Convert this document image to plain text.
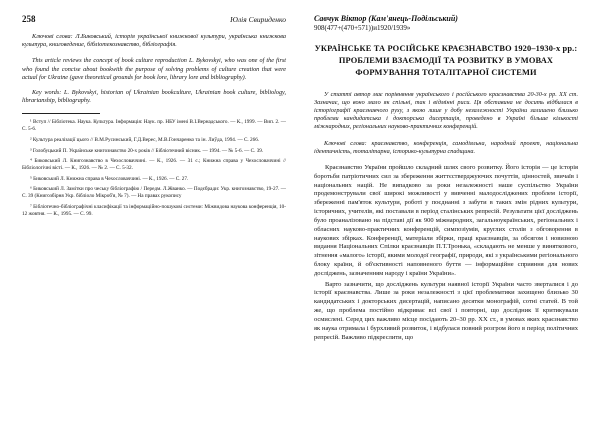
258	Юлія Свириденко
Ключові слова: Л.Биковський, історія української книжкової культури, українська книжкова культура, книговедение, бібліотекознавство, бібліографія.
This article reviews the concept of book culture reproduction L. Bykovskyi, who was one of the first who found the concise about bookwith the purpose of solving problems of culture creation that were actual for Ukraine (gave theoretical grounds for book lore, library lore and bibliography).
Key words: L. Bykovskyi, historian of Ukrainian bookculture, Ukrainian book culture, bibliology, librarianship, bibliography.
¹ Вступ // Бібліотека. Наука. Культура. Інформація: Наук. пр. НБУ імені В.І.Вернадського. — К., 1999. — Вип. 2. — С. 5-6.
² Культура реалізації цього // В.М.Русинський, Г.Д.Верес, М.В.Гончаренко та ін. Лиўда, 1994. — С. 266.
³ Голобуцький П. Українське книгознавство 20-х років // Бібліотечний вісник. — 1994. — № 5-6. — С. 39.
⁴ Биковський Л. Книгознавство в Чехословаччині. — К., 1926. — 31 с.; Книжна справа у Чехословаччині // Бібліологічні вісті. — К., 1926. — № 2. — С. 5-32.
⁵ Биковський Л. Книжна справа в Чехословаччині. — К., 1926. — С. 27.
⁶ Биковський Л. Замітки про чеську бібліографію / Передм. Л.Жванко. — Подєбради: Укр. книгознавство, 19-27. — С. 39 (Книгозбірня Укр. бібліоло Мікроб'я, № 7). — На правах рукопису
⁷ Бібліотечно-бібліографічні класифікації та інформаційно-пошукові системи: Міжвидова наукова конференція, 10-12 жовтня. — К., 1995. — С. 99.
Савчук Віктор (Кам'янець-Подільський)
908(477+(470+571))и1920/1939»
УКРАЇНСЬКЕ ТА РОСІЙСЬКЕ КРАЄЗНАВСТВО 1920–1930-х рр.: ПРОБЛЕМИ ВЗАЄМОДІЇ ТА РОЗВИТКУ В УМОВАХ ФОРМУВАННЯ ТОТАЛІТАРНОЇ СИСТЕМИ
У статті автор має порівняння українського і російського краєзнавства 20-30-х рр. ХХ ст. Зазначає, що воно мало як спільні, так і відмінні риси. Ця обставина не досить відбилася в історіографії краєзнавчого руху, з якою лише у добу незалежності України залишено близько проблеми кандидатська і докторська дисертація, проведено в Україні більше кількості міжнародних, регіональних науково-практичних конференцій.
Ключові слова: краєзнавство, конференція, самодіяльна, народний проект, національна ідентичність, тоталітарна, історико-культурна спадщина.
Краєзнавство України пройшло складний шлях свого розвитку. Його історія — це історія боротьби патріотичних сил за збереження життєстверджуючих почуттів, цінностей, звичаїв і національних націй. Не випадково за роки незалежності наше суспільство України продемонстрували свої широкі можливості у вивченні малодосліджених проблем історії, збереженні пам'яток культури, роботі у поєднанні з забути в таких змін рідних культури, історичних, учителів, які поставали в період сталінських репресій. Результати цієї досліджень було проаналізовано на підставі дії як 900 міжнародних, загальноукраїнських, регіональних і обласних науково-практичних конференцій, симпозіумів, круглих столів з обговорення в наукових збірках. Конференції, матеріали збірки, праці краєзнавців, за обсягом і новизною видання Національних Спілки краєзнавців П.Т.Тронька, «складають не менше у виняткового, зітнення «малого» історії, якими молодої географії, природи, які з українськими регіонального блоку країни, й об'єктивності наповненого буття — інформаційне сприяння для нових досліджень, зазначенням народу і країни України».
Варто зазначити, що досліджень культури наявної історії України часто зверталися і до історії краєзнавства. Лише за роки незалежності з цієї проблематики захищено близько 30 кандидатських і докторських дисертацій, написано десятки монографій, сотні статей. В той же, що проблема постійно відкриває всі свої і повторні, що дослідник її критикували осмислені. Серед цих важливо місце посідають 20–30 рр. ХХ ст., в умовах яких краєзнавство як наука отримала і бурхливий розвиток, і відбулася повний розгром його в період політичних репресій. Важливо підкреслити, що
